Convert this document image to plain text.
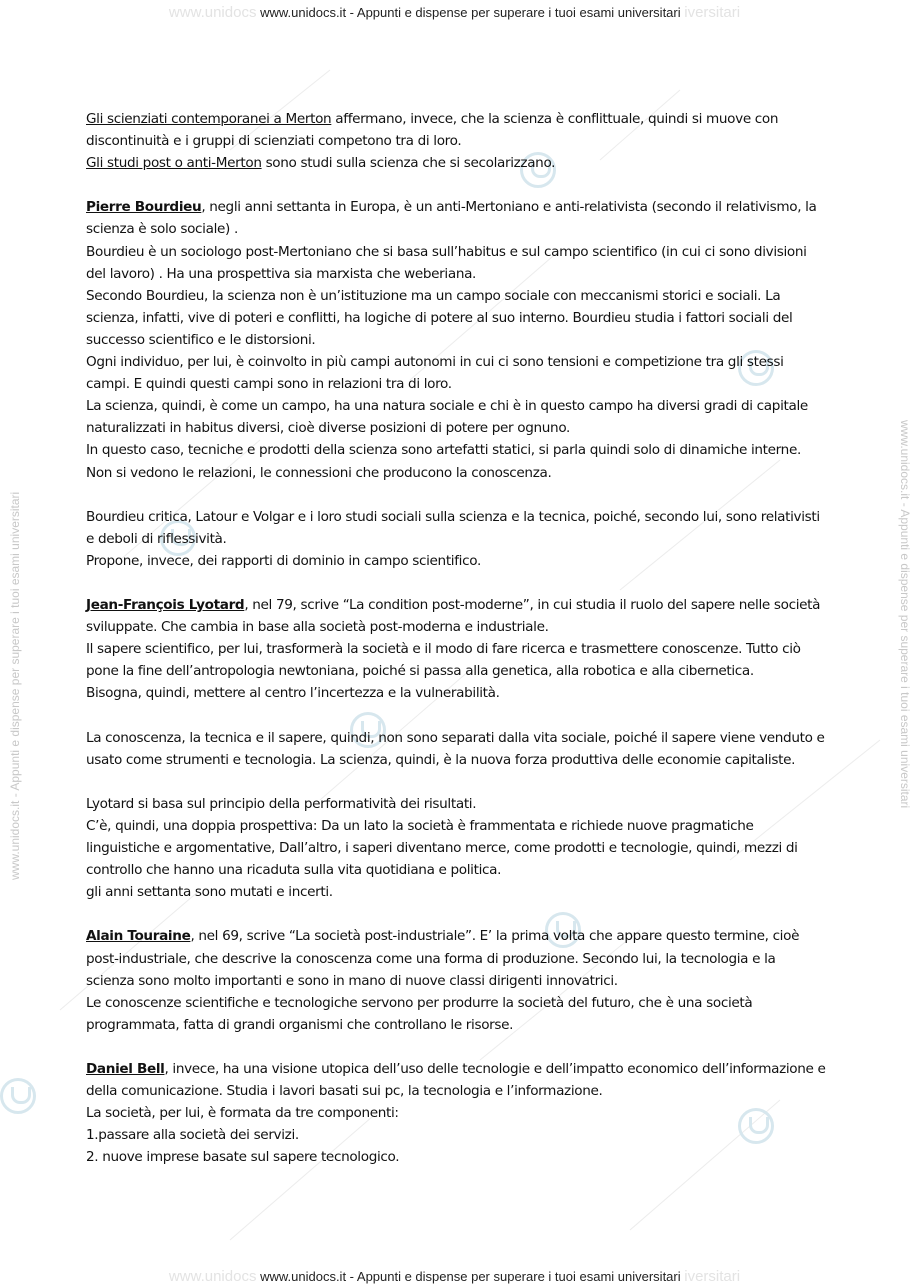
www.unidocs www.unidocs.it - Appunti e dispense per superare i tuoi esami universitari iversitari
www.unidocs www.unidocs.it - Appunti e dispense per superare i tuoi esami universitari iversitari
www.unidocs.it - Appunti e dispense per superare i tuoi esami universitari	www.unidocs.it - Appunti e dispense per superare i tuoi esami universitari

Gli scienziati contemporanei a Merton affermano, invece, che la scienza è conflittuale, quindi si muove con discontinuità e i gruppi di scienziati competono tra di loro.

Gli studi post o anti-Merton sono studi sulla scienza che si secolarizzano.

Pierre Bourdieu, negli anni settanta in Europa, è un anti-Mertoniano e anti-relativista (secondo il relativismo, la scienza è solo sociale) .

Bourdieu è un sociologo post-Mertoniano che si basa sull’habitus e sul campo scientifico (in cui ci sono divisioni del lavoro) . Ha una prospettiva sia marxista che weberiana.

Secondo Bourdieu, la scienza non è un’istituzione ma un campo sociale con meccanismi storici e sociali. La scienza, infatti, vive di poteri e conflitti, ha logiche di potere al suo interno. Bourdieu studia i fattori sociali del successo scientifico e le distorsioni.

Ogni individuo, per lui, è coinvolto in più campi autonomi in cui ci sono tensioni e competizione tra gli stessi campi. E quindi questi campi sono in relazioni tra di loro.

La scienza, quindi, è come un campo, ha una natura sociale e chi è in questo campo ha diversi gradi di capitale naturalizzati in habitus diversi, cioè diverse posizioni di potere per ognuno.

In questo caso, tecniche e prodotti della scienza sono artefatti statici, si parla quindi solo di dinamiche interne. Non si vedono le relazioni, le connessioni che producono la conoscenza.

Bourdieu critica, Latour e Volgar e i loro studi sociali sulla scienza e la tecnica, poiché, secondo lui, sono relativisti e deboli di riflessività.

Propone, invece, dei rapporti di dominio in campo scientifico.

Jean-François Lyotard, nel 79, scrive “La condition post-moderne”, in cui studia il ruolo del sapere nelle società sviluppate. Che cambia in base alla società post-moderna e industriale.

Il sapere scientifico, per lui, trasformerà la società e il modo di fare ricerca e trasmettere conoscenze. Tutto ciò pone la fine dell’antropologia newtoniana, poiché si passa alla genetica, alla robotica e alla cibernetica.

Bisogna, quindi, mettere al centro l’incertezza e la vulnerabilità.

La conoscenza, la tecnica e il sapere, quindi, non sono separati dalla vita sociale, poiché il sapere viene venduto e usato come strumenti e tecnologia. La scienza, quindi, è la nuova forza produttiva delle economie capitaliste.

Lyotard si basa sul principio della performatività dei risultati.

C’è, quindi, una doppia prospettiva: Da un lato la società è frammentata e richiede nuove pragmatiche linguistiche e argomentative, Dall’altro, i saperi diventano merce, come prodotti e tecnologie, quindi, mezzi di controllo che hanno una ricaduta sulla vita quotidiana e politica.

gli anni settanta sono mutati e incerti.

Alain Touraine, nel 69, scrive “La società post-industriale”. E’ la prima volta che appare questo termine, cioè post-industriale, che descrive la conoscenza come una forma di produzione. Secondo lui, la tecnologia e la scienza sono molto importanti e sono in mano di nuove classi dirigenti innovatrici.

Le conoscenze scientifiche e tecnologiche servono per produrre la società del futuro, che è una società programmata, fatta di grandi organismi che controllano le risorse.

Daniel Bell, invece, ha una visione utopica dell’uso delle tecnologie e dell’impatto economico dell’informazione e della comunicazione. Studia i lavori basati sui pc, la tecnologia e l’informazione.

La società, per lui, è formata da tre componenti:

1.passare alla società dei servizi.

2. nuove imprese basate sul sapere tecnologico.
